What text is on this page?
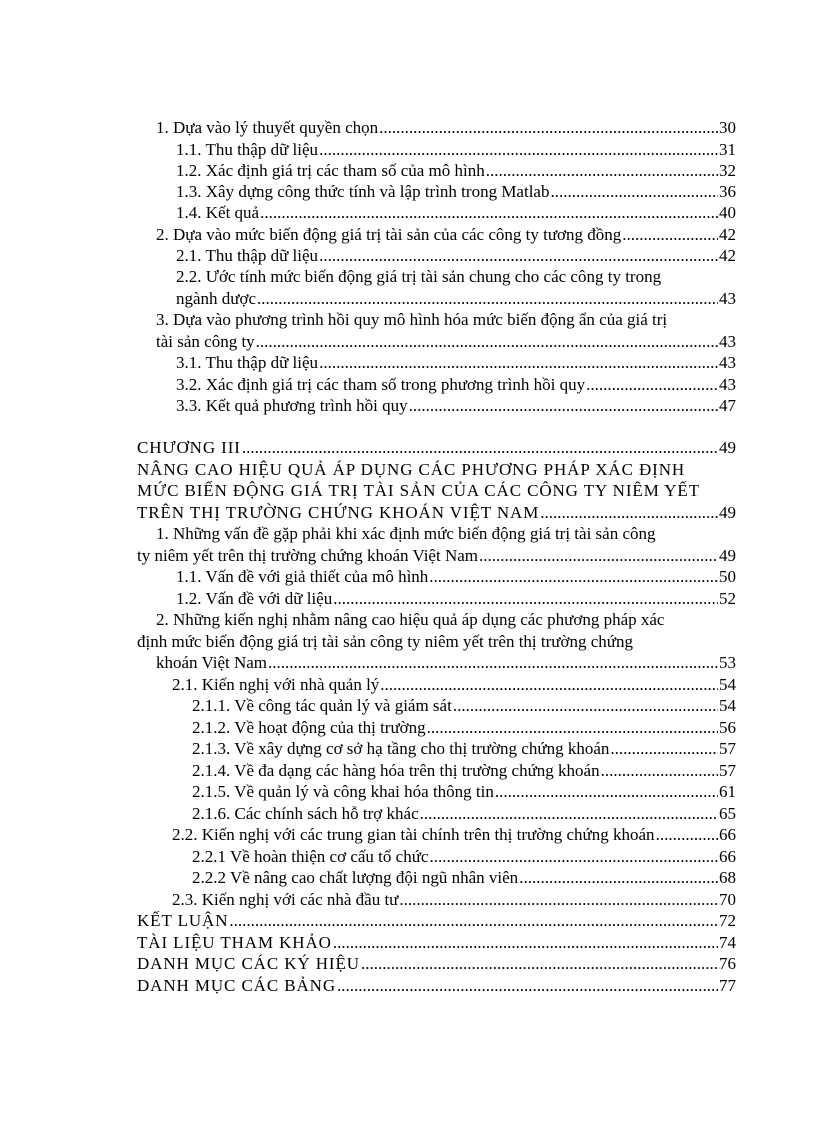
1. Dựa vào lý thuyết quyền chọn .....	30
1.1. Thu thập dữ liệu .....	31
1.2. Xác định giá trị các tham số của mô hình .....	32
1.3. Xây dựng công thức tính và lập trình trong Matlab .....	36
1.4. Kết quả .....	40
2. Dựa vào mức biến động giá trị tài sản của các công ty tương đồng .....	42
2.1. Thu thập dữ liệu .....	42
2.2. Ước tính mức biến động giá trị tài sản chung cho các công ty trong
ngành dược .....	43
3. Dựa vào phương trình hồi quy mô hình hóa mức biến động ẩn của giá trị
tài sản công ty .....	43
3.1. Thu thập dữ liệu .....	43
3.2. Xác định giá trị các tham số trong phương trình hồi quy .....	43
3.3. Kết quả phương trình hồi quy .....	47
CHƯƠNG III .....	49
NÂNG CAO HIỆU QUẢ ÁP DỤNG CÁC PHƯƠNG PHÁP XÁC ĐỊNH
MỨC BIẾN ĐỘNG GIÁ TRỊ TÀI SẢN CỦA CÁC CÔNG TY NIÊM YẾT
TRÊN THỊ TRƯỜNG CHỨNG KHOÁN VIỆT NAM .....	49
1. Những vấn đề gặp phải khi xác định mức biến động giá trị tài sản công
ty niêm yết trên thị trường chứng khoán Việt Nam .....	49
1.1. Vấn đề với giả thiết của mô hình .....	50
1.2. Vấn đề với dữ liệu .....	52
2. Những kiến nghị nhằm nâng cao hiệu quả áp dụng các phương pháp xác
định mức biến động giá trị tài sản công ty niêm yết trên thị trường chứng
khoán Việt Nam .....	53
2.1. Kiến nghị với nhà quản lý .....	54
2.1.1. Về công tác quản lý và giám sát .....	54
2.1.2. Về hoạt động của thị trường .....	56
2.1.3. Về xây dựng cơ sở hạ tầng cho thị trường chứng khoán .....	57
2.1.4. Về đa dạng các hàng hóa trên thị trường chứng khoán .....	57
2.1.5. Về quản lý và công khai hóa thông tin .....	61
2.1.6. Các chính sách hỗ trợ khác .....	65
2.2. Kiến nghị với các trung gian tài chính trên thị trường chứng khoán .....	66
2.2.1 Về hoàn thiện cơ cấu tổ chức .....	66
2.2.2 Về nâng cao chất lượng đội ngũ nhân viên .....	68
2.3. Kiến nghị với các nhà đầu tư .....	70
KẾT LUẬN .....	72
TÀI LIỆU THAM KHẢO .....	74
DANH MỤC CÁC KÝ HIỆU .....	76
DANH MỤC CÁC BẢNG .....	77
